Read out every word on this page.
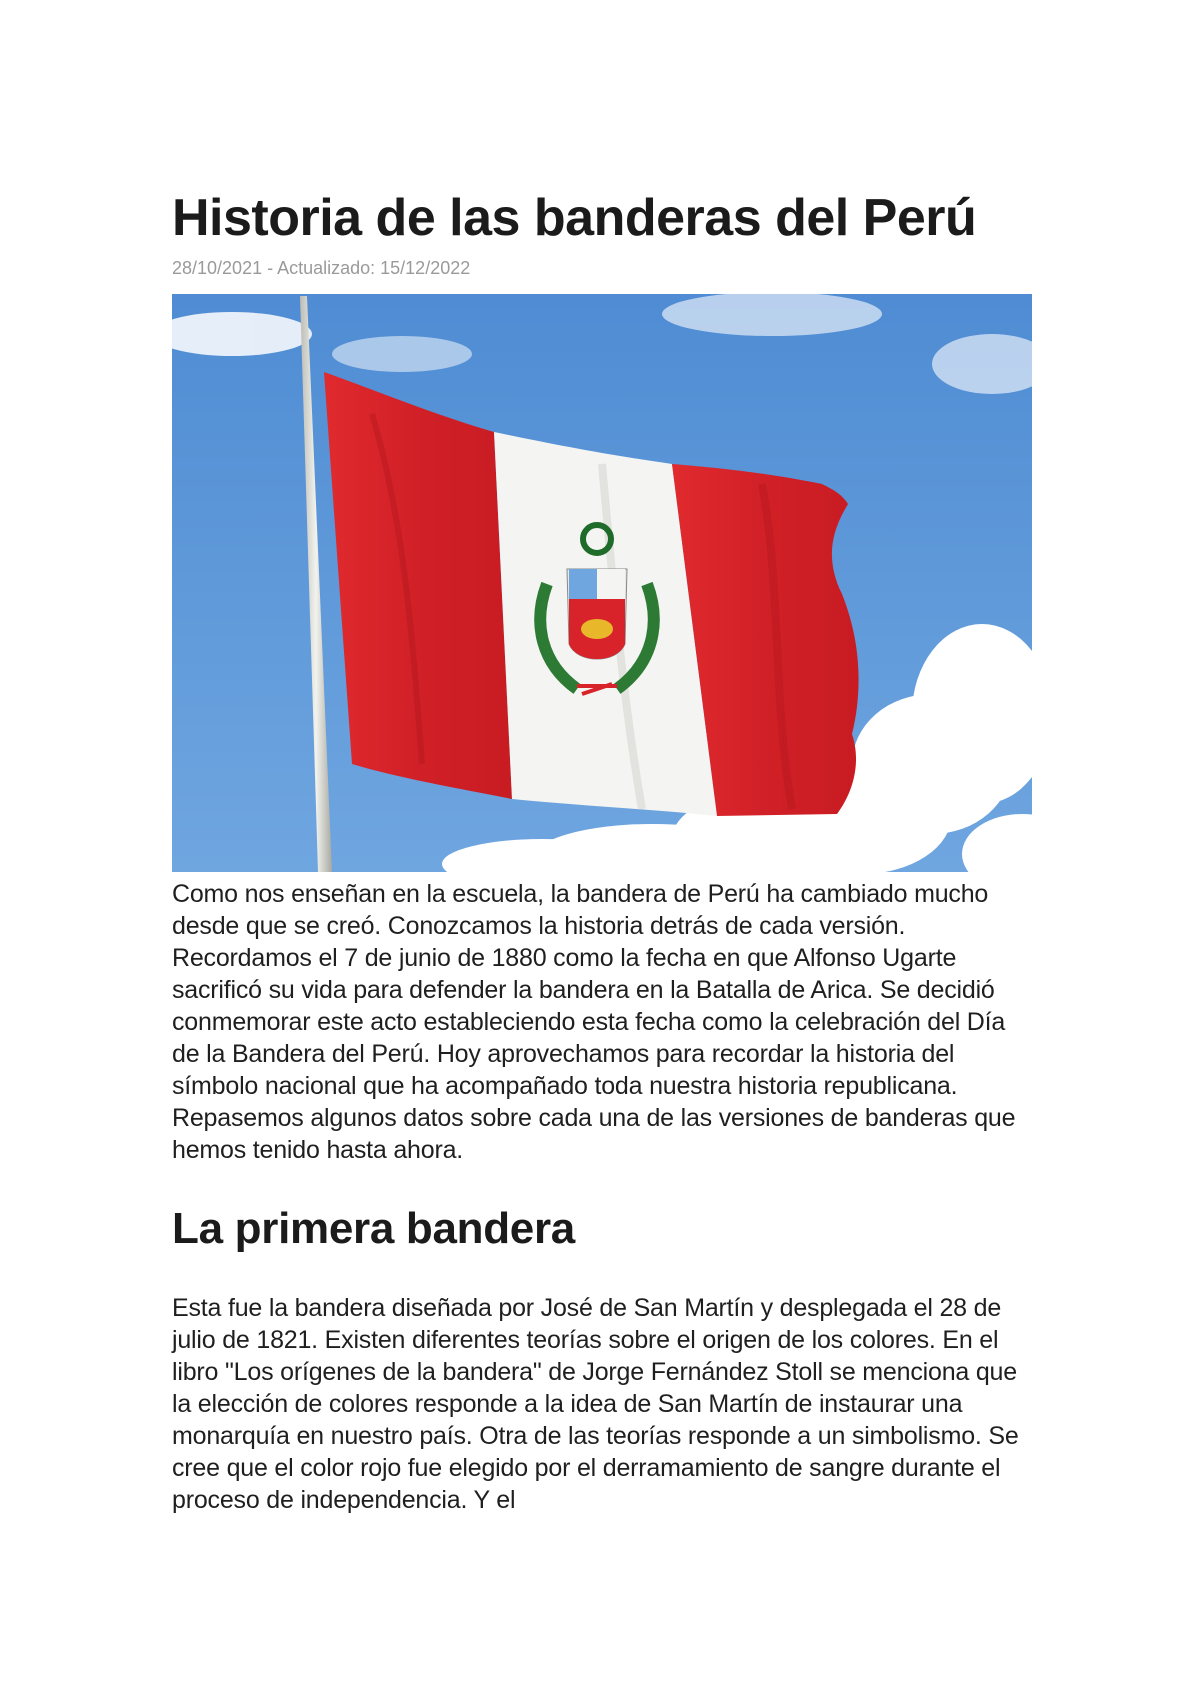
Historia de las banderas del Perú
28/10/2021 - Actualizado: 15/12/2022

Como nos enseñan en la escuela, la bandera de Perú ha cambiado mucho desde que se creó. Conozcamos la historia detrás de cada versión. Recordamos el 7 de junio de 1880 como la fecha en que Alfonso Ugarte sacrificó su vida para defender la bandera en la Batalla de Arica. Se decidió conmemorar este acto estableciendo esta fecha como la celebración del Día de la Bandera del Perú. Hoy aprovechamos para recordar la historia del símbolo nacional que ha acompañado toda nuestra historia republicana. Repasemos algunos datos sobre cada una de las versiones de banderas que hemos tenido hasta ahora.

La primera bandera

Esta fue la bandera diseñada por José de San Martín y desplegada el 28 de julio de 1821. Existen diferentes teorías sobre el origen de los colores. En el libro "Los orígenes de la bandera" de Jorge Fernández Stoll se menciona que la elección de colores responde a la idea de San Martín de instaurar una monarquía en nuestro país. Otra de las teorías responde a un simbolismo. Se cree que el color rojo fue elegido por el derramamiento de sangre durante el proceso de independencia. Y el
